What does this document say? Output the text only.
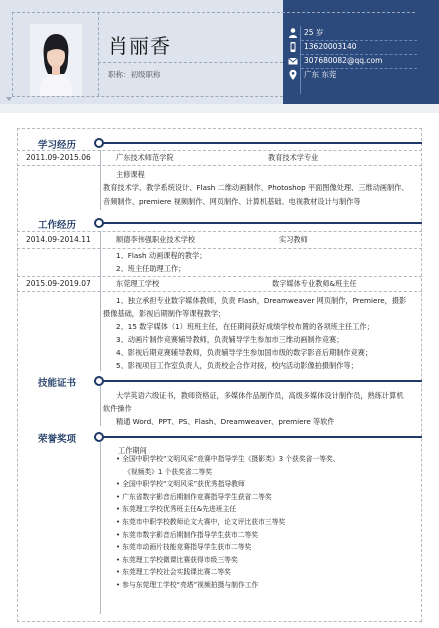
肖丽香
职称：初级职称
25 岁
13620003140
307680082@qq.com
广东 东莞
学习经历
2011.09-2015.06	广东技术师范学院	教育技术学专业
主修课程
教育技术学、教学系统设计、Flash 二维动画制作、Photoshop 平面图像处理、三维动画制作、
音频制作、premiere 视频制作、网页制作、计算机基础、电视教材设计与制作等
工作经历
2014.09-2014.11	顺德李伟强职业技术学校	实习教师
1、Flash 动画课程的教学；
2、班主任助理工作；
2015.09-2019.07	东莞理工学校	数字媒体专业教师&班主任
1、独立承担专业数字媒体教师，负责 Flash，Dreamweaver 网页制作，Premiere，摄影
摄像基础，影视后期制作等课程教学；
2、15 数字媒体（1）班班主任，在任期间获好成绩学校布置的各项班主任工作；
3、动画片制作竞赛辅导教师，负责辅导学生参加市三维动画制作竞赛；
4、影视后期竞赛辅导教师，负责辅导学生参加国市级的数字影音后期制作竞赛；
5、影视项目工作室负责人，负责校企合作对接，校内活动影像拍摄制作等；
技能证书
大学英语六级证书，教师资格证，多媒体作品制作员，高级多媒体设计制作员，熟练计算机
软件操作
精通 Word、PPT、PS、Flash、Dreamweaver、premiere 等软件
荣誉奖项
工作期间
• 全国中职学校“文明风采”竞赛中指导学生《摄影类》3 个获奖省一等奖、
《视频类》1 个获奖省二等奖
• 全国中职学校“文明风采”获优秀指导教师
• 广东省数字影音后期制作竞赛指导学生获省二等奖
• 东莞理工学校优秀班主任&先进班主任
• 东莞市中职学校教师论文大赛中，论文评比获市三等奖
• 东莞市数字影音后期制作指导学生获市二等奖
• 东莞市动画片技能竞赛指导学生获市二等奖
• 东莞理工学校微课比赛获得市级三等奖
• 东莞理工学校社会实践课比赛二等奖
• 参与东莞理工学校“亮塔”视频拍摄与制作工作
